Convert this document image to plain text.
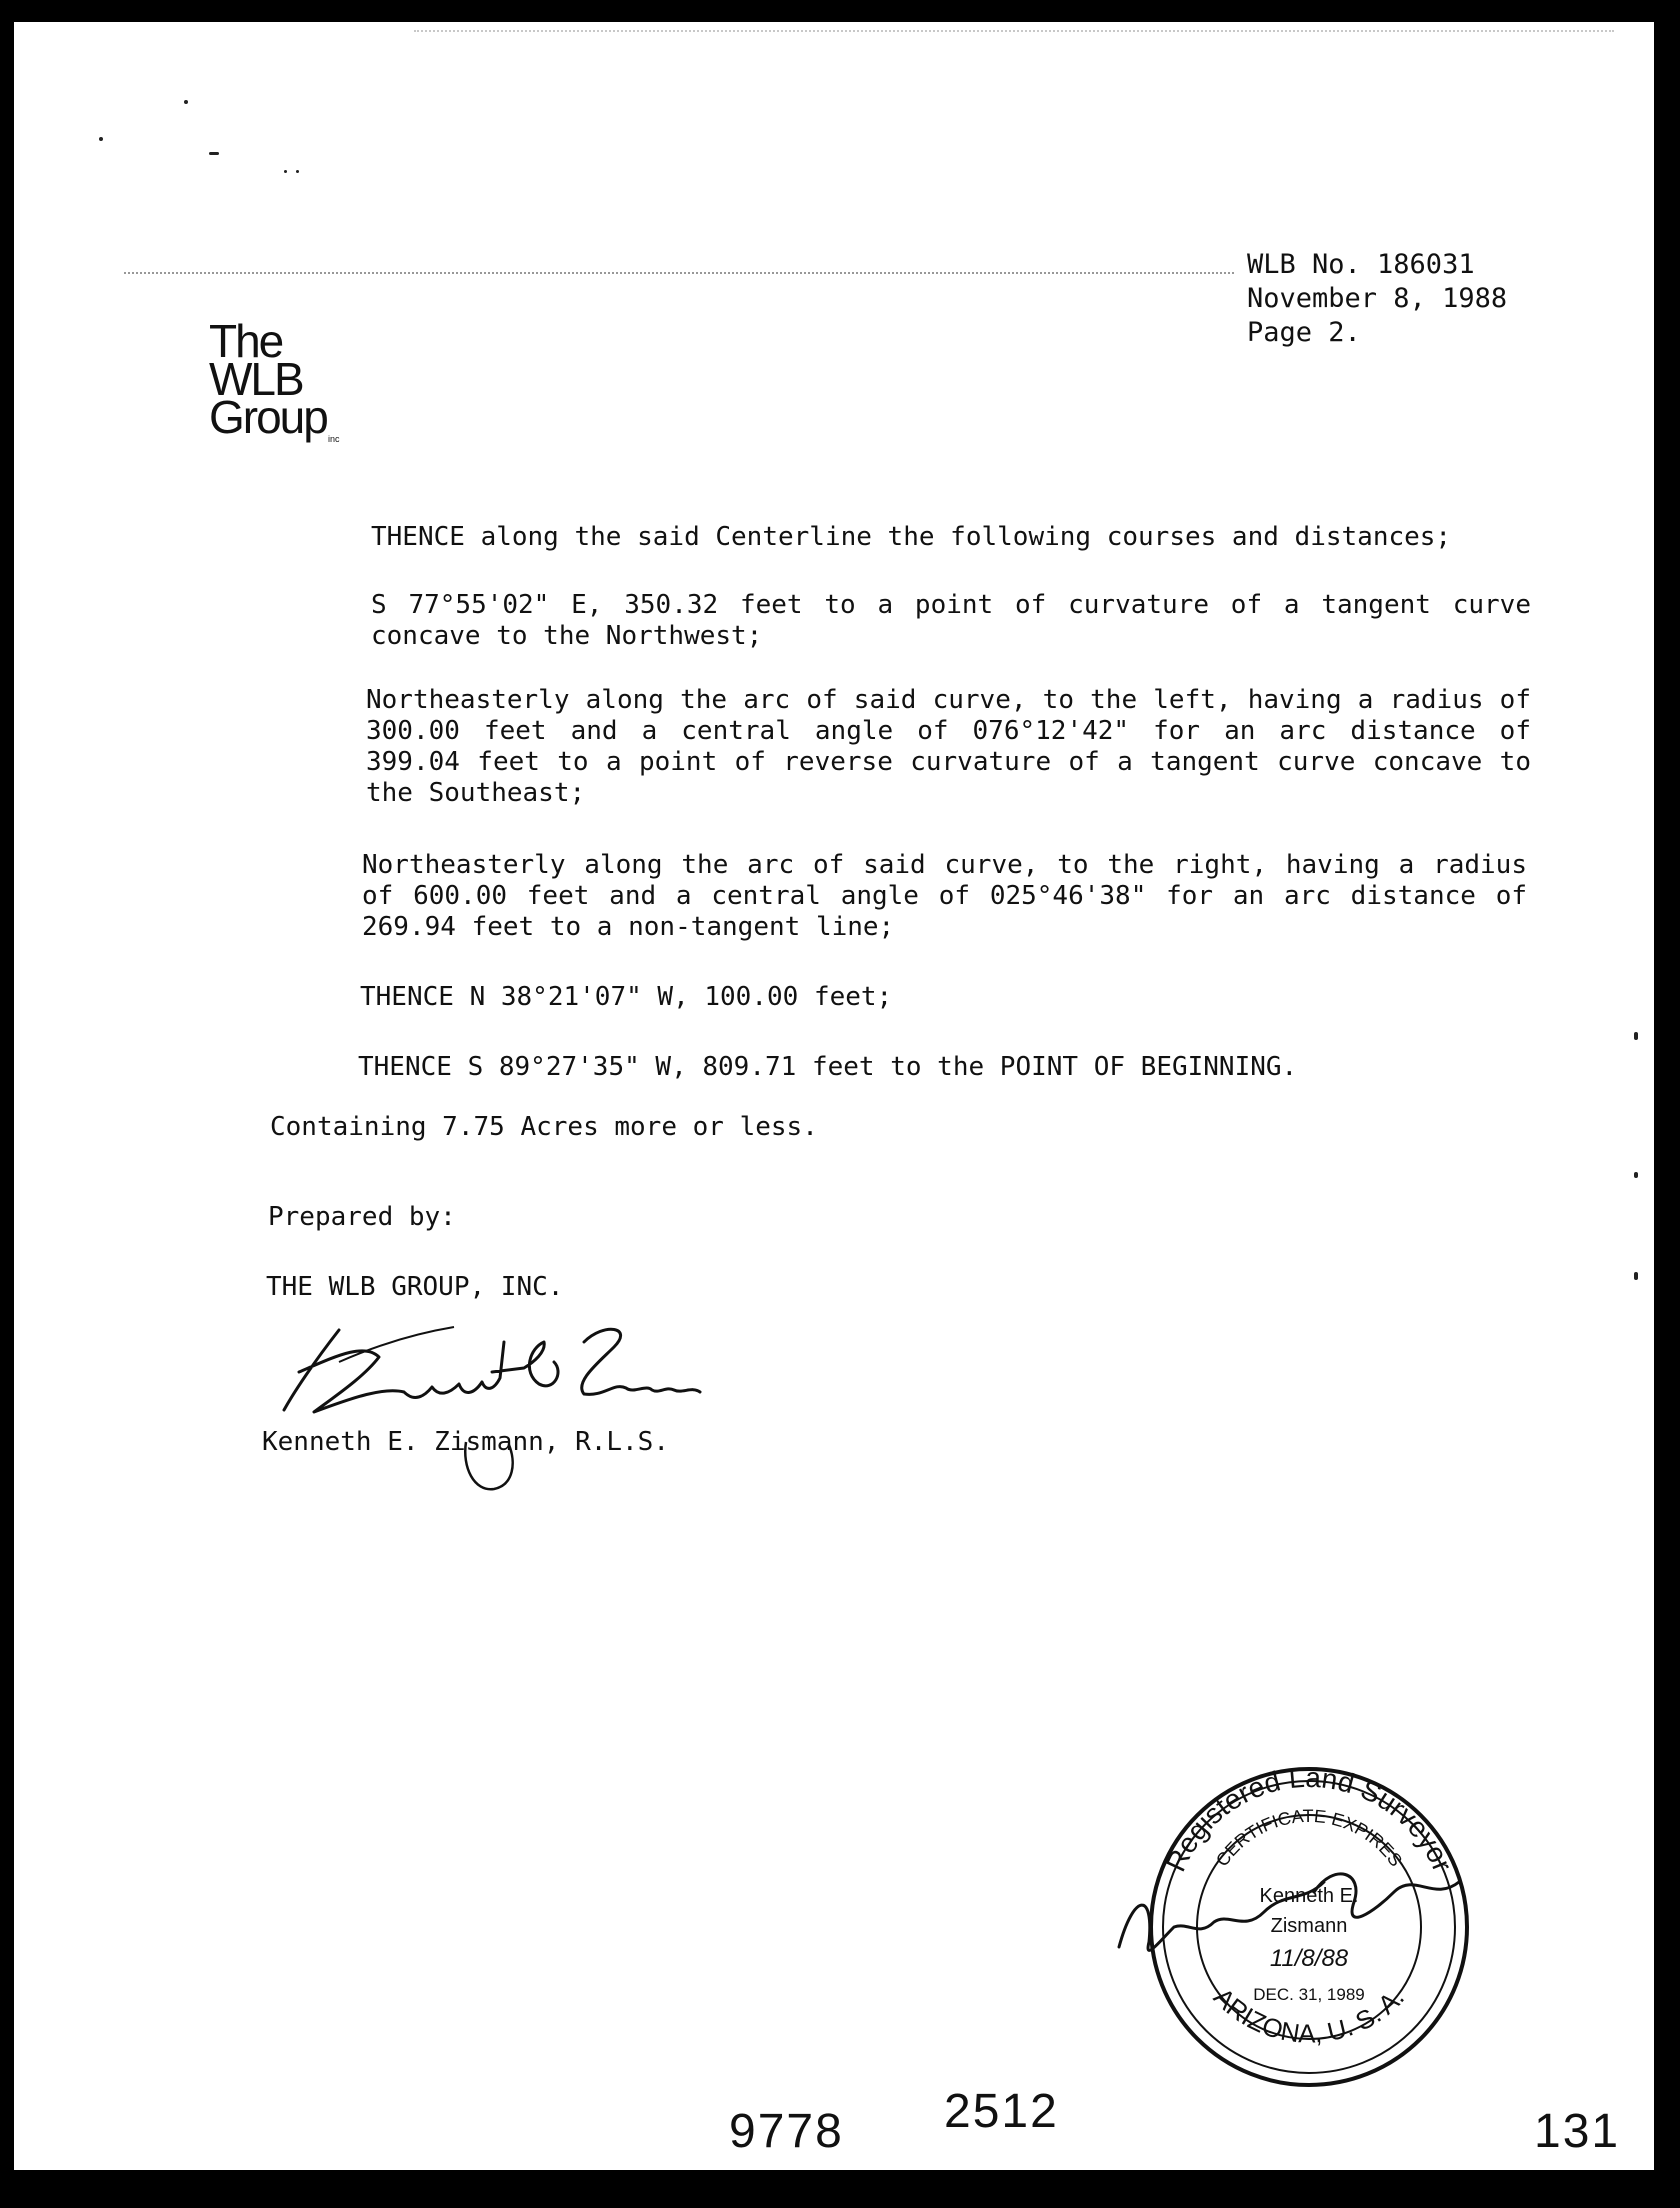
WLB No. 186031
November 8, 1988
Page 2.
The
WLB
Group inc
THENCE along the said Centerline the following courses and distances;
S 77°55'02" E, 350.32 feet to a point of curvature of a tangent curve concave to the Northwest;
Northeasterly along the arc of said curve, to the left, having a radius of 300.00 feet and a central angle of 076°12'42" for an arc distance of 399.04 feet to a point of reverse curvature of a tangent curve concave to the Southeast;
Northeasterly along the arc of said curve, to the right, having a radius of 600.00 feet and a central angle of 025°46'38" for an arc distance of 269.94 feet to a non-tangent line;
THENCE N 38°21'07" W, 100.00 feet;
THENCE S 89°27'35" W, 809.71 feet to the POINT OF BEGINNING.
Containing 7.75 Acres more or less.
Prepared by:
THE WLB GROUP, INC.
Kenneth E. Zismann, R.L.S.
Registered Land Surveyor
CERTIFICATE EXPIRES
ARIZONA, U. S. A.
Kenneth E.
Zismann
11/8/88
DEC. 31, 1989
9778 2512	131
